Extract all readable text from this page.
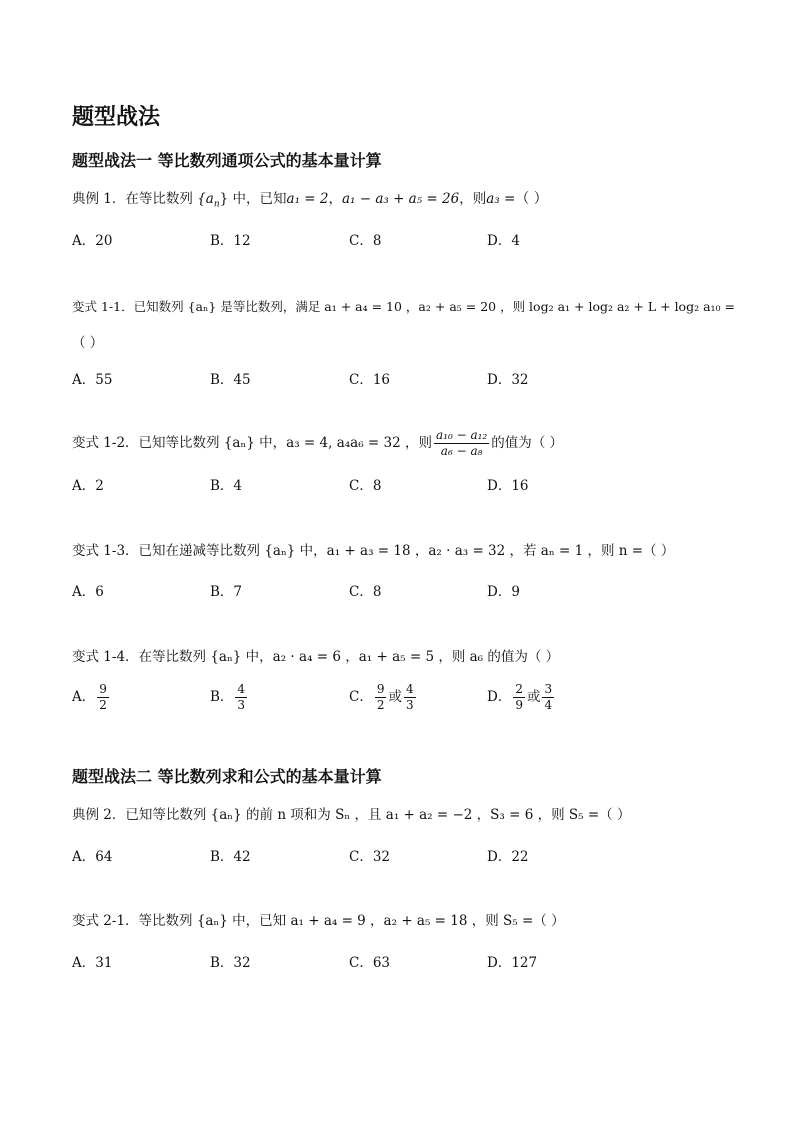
题型战法
题型战法一 等比数列通项公式的基本量计算
典例 1．在等比数列 $\{a_n\}$ 中，已知a₁ = 2，a₁ − a₃ + a₅ = 26，则a₃ =（ ）
A．20	B．12	C．8	D．4
变式 1-1．已知数列 {aₙ} 是等比数列，满足 a₁ + a₄ = 10 ，a₂ + a₅ = 20 ，则 log₂ a₁ + log₂ a₂ + L + log₂ a₁₀ =
（ ）
A．55	B．45	C．16	D．32
变式 1-2．已知等比数列 {aₙ} 中，a₃ = 4, a₄a₆ = 32 ，则 $\frac{\text{a₁₀ − a₁₂}}{\text{a₆ − a₈}}$ 的值为（ ）
A．2	B．4	C．8	D．16
变式 1-3．已知在递减等比数列 {aₙ} 中，a₁ + a₃ = 18 ，a₂ · a₃ = 32 ，若 aₙ = 1 ，则 n =（ ）
A．6	B．7	C．8	D．9
变式 1-4．在等比数列 {aₙ} 中，a₂ · a₄ = 6 ，a₁ + a₅ = 5 ，则 a₆ 的值为（ ）
A． $\frac{9}{2}$	B． $\frac{4}{3}$	C． $\frac{9}{2}$ 或 $\frac{4}{3}$	D． $\frac{2}{9}$ 或 $\frac{3}{4}$
题型战法二 等比数列求和公式的基本量计算
典例 2．已知等比数列 {aₙ} 的前 n 项和为 Sₙ ，且 a₁ + a₂ = −2 ，S₃ = 6 ，则 S₅ =（ ）
A．64	B．42	C．32	D．22
变式 2-1．等比数列 {aₙ} 中，已知 a₁ + a₄ = 9 ，a₂ + a₅ = 18 ，则 S₅ =（ ）
A．31	B．32	C．63	D．127
